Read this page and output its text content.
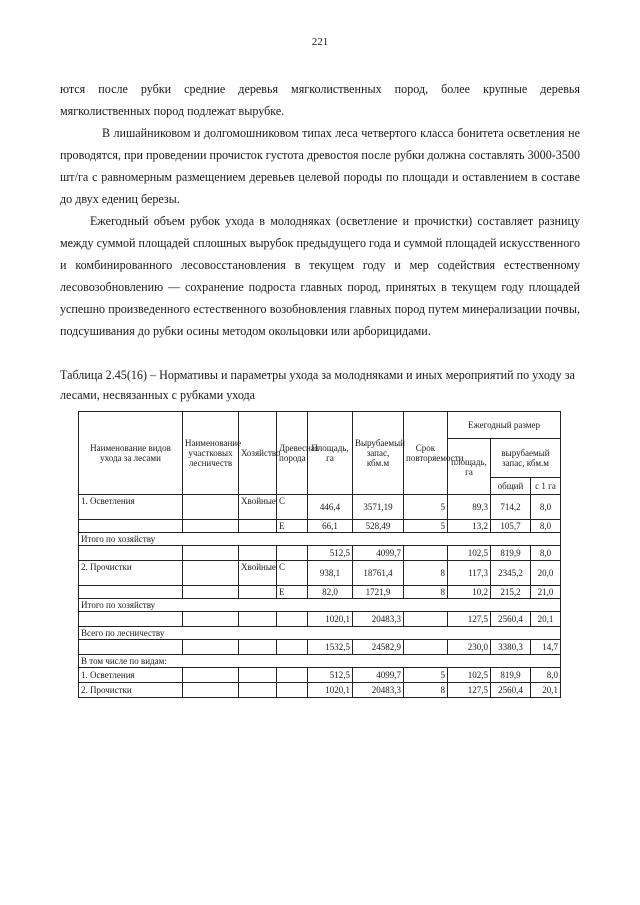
221

ются после рубки средние деревья мягколиственных пород, более крупные деревья мягколиственных пород подлежат вырубке.

В лишайниковом и долгомошниковом типах леса четвертого класса бонитета осветления не проводятся, при проведении прочисток густота древостоя после рубки должна составлять 3000-3500 шт/га с равномерным размещением деревьев целевой породы по площади и оставлением в составе до двух едениц березы.

Ежегодный объем рубок ухода в молодняках (осветление и прочистки) составляет разницу между суммой площадей сплошных вырубок предыдущего года и суммой площадей искусственного и комбинированного лесовосстановления в текущем году и мер содействия естественному лесовозобновлению — сохранение подроста главных пород, принятых в текущем году площадей успешно произведенного естественного возобновления главных пород путем минерализации почвы, подсушивания до рубки осины методом окольцовки или арборицидами.

Таблица 2.45(16) – Нормативы и параметры ухода за молодняками и иных мероприятий по уходу за лесами, несвязанных с рубками ухода
Наименование видов ухода за лесами	Наименование участковых лесничеств	Хозяйство	Древесная порода	Площадь, га	Вырубаемый запас, кбм.м	Срок повторяемости	Ежегодный размер		
							площадь, га	вырубаемый запас, кбм.м	
								общий	с 1 га
1. Осветления		Хвойные	С	446,4	3571,19	5	89,3	714,2	8,0
			Е	66,1	528,49	5	13,2	105,7	8,0
Итого по хозяйству									
				512,5	4099,7		102,5	819,9	8,0
2. Прочистки		Хвойные	С	938,1	18761,4	8	117,3	2345,2	20,0
			Е	82,0	1721,9	8	10,2	215,2	21,0
Итого по хозяйству									
				1020,1	20483,3		127,5	2560,4	20,1
Всего по лесничеству									
				1532,5	24582,9		230,0	3380,3	14,7
В том числе по видам:									
1. Осветления				512,5	4099,7	5	102,5	819,9	8,0
2. Прочистки				1020,1	20483,3	8	127,5	2560,4	20,1
